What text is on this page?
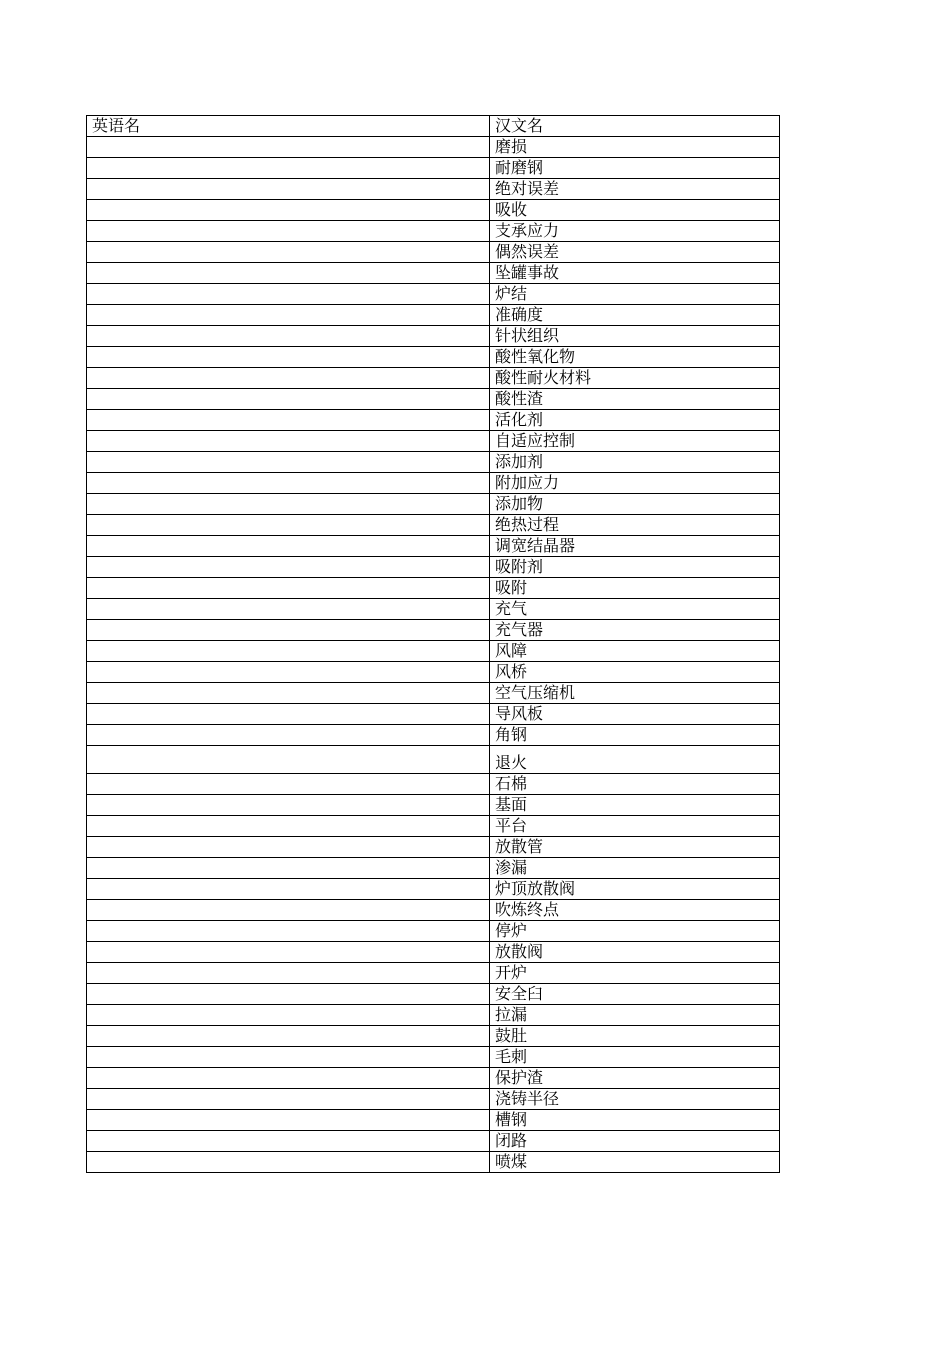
英语名	汉文名
	磨损
	耐磨钢
	绝对误差
	吸收
	支承应力
	偶然误差
	坠罐事故
	炉结
	准确度
	针状组织
	酸性氧化物
	酸性耐火材料
	酸性渣
	活化剂
	自适应控制
	添加剂
	附加应力
	添加物
	绝热过程
	调宽结晶器
	吸附剂
	吸附
	充气
	充气器
	风障
	风桥
	空气压缩机
	导风板
	角钢
	退火
	石棉
	基面
	平台
	放散管
	渗漏
	炉顶放散阀
	吹炼终点
	停炉
	放散阀
	开炉
	安全臼
	拉漏
	鼓肚
	毛刺
	保护渣
	浇铸半径
	槽钢
	闭路
	喷煤
